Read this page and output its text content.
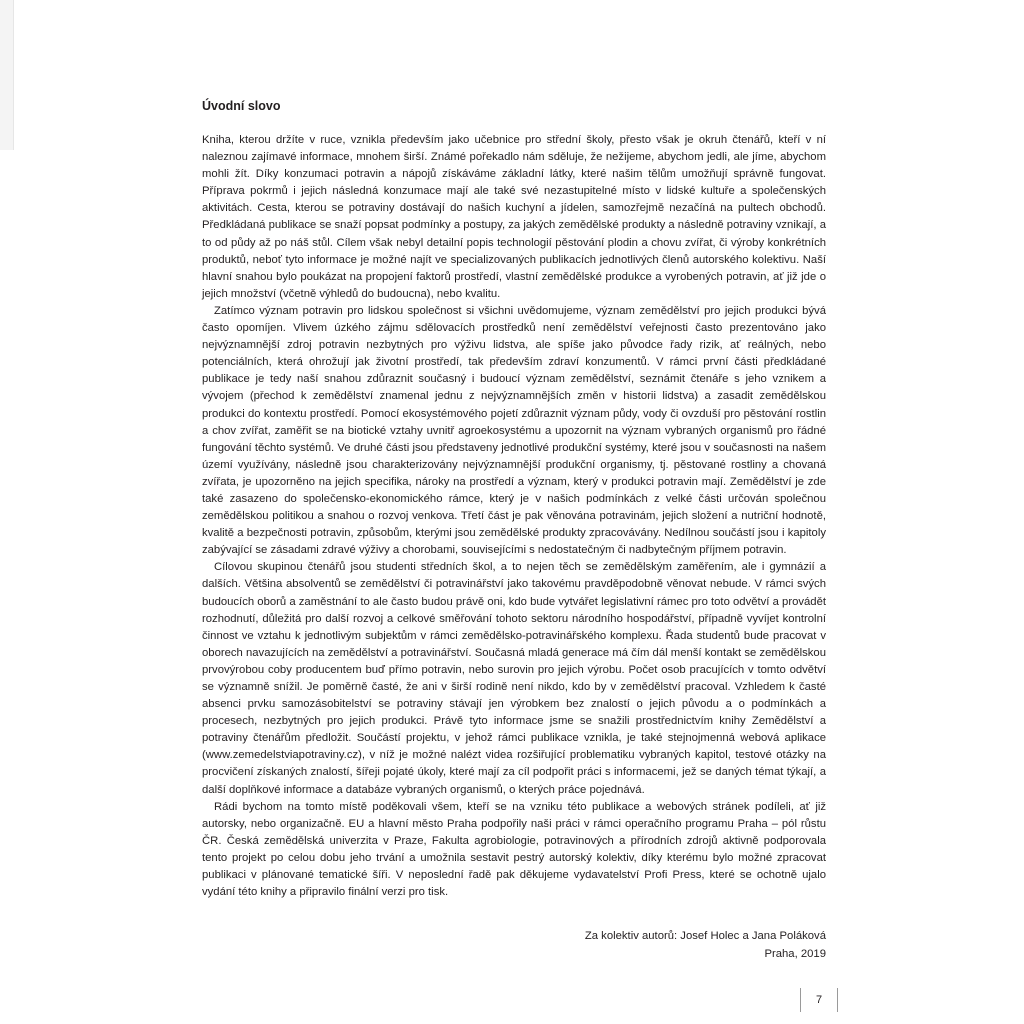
Úvodní slovo

Kniha, kterou držíte v ruce, vznikla především jako učebnice pro střední školy, přesto však je okruh čtenářů, kteří v ní naleznou zajímavé informace, mnohem širší. Známé pořekadlo nám sděluje, že nežijeme, abychom jedli, ale jíme, abychom mohli žít. Díky konzumaci potravin a nápojů získáváme základní látky, které našim tělům umožňují správně fungovat. Příprava pokrmů i jejich následná konzumace mají ale také své nezastupitelné místo v lidské kultuře a společenských aktivitách. Cesta, kterou se potraviny dostávají do našich kuchyní a jídelen, samozřejmě nezačíná na pultech obchodů. Předkládaná publikace se snaží popsat podmínky a postupy, za jakých zemědělské produkty a následně potraviny vznikají, a to od půdy až po náš stůl. Cílem však nebyl detailní popis technologií pěstování plodin a chovu zvířat, či výroby konkrétních produktů, neboť tyto informace je možné najít ve specializovaných publikacích jednotlivých členů autorského kolektivu. Naší hlavní snahou bylo poukázat na propojení faktorů prostředí, vlastní zemědělské produkce a vyrobených potravin, ať již jde o jejich množství (včetně výhledů do budoucna), nebo kvalitu.

Zatímco význam potravin pro lidskou společnost si všichni uvědomujeme, význam zemědělství pro jejich produkci bývá často opomíjen. Vlivem úzkého zájmu sdělovacích prostředků není zemědělství veřejnosti často prezentováno jako nejvýznamnější zdroj potravin nezbytných pro výživu lidstva, ale spíše jako původce řady rizik, ať reálných, nebo potenciálních, která ohrožují jak životní prostředí, tak především zdraví konzumentů. V rámci první části předkládané publikace je tedy naší snahou zdůraznit současný i budoucí význam zemědělství, seznámit čtenáře s jeho vznikem a vývojem (přechod k zemědělství znamenal jednu z nejvýznamnějších změn v historii lidstva) a zasadit zemědělskou produkci do kontextu prostředí. Pomocí ekosystémového pojetí zdůraznit význam půdy, vody či ovzduší pro pěstování rostlin a chov zvířat, zaměřit se na biotické vztahy uvnitř agroekosystému a upozornit na význam vybraných organismů pro řádné fungování těchto systémů. Ve druhé části jsou představeny jednotlivé produkční systémy, které jsou v současnosti na našem území využívány, následně jsou charakterizovány nejvýznamnější produkční organismy, tj. pěstované rostliny a chovaná zvířata, je upozorněno na jejich specifika, nároky na prostředí a význam, který v produkci potravin mají. Zemědělství je zde také zasazeno do společensko-ekonomického rámce, který je v našich podmínkách z velké části určován společnou zemědělskou politikou a snahou o rozvoj venkova. Třetí část je pak věnována potravinám, jejich složení a nutriční hodnotě, kvalitě a bezpečnosti potravin, způsobům, kterými jsou zemědělské produkty zpracovávány. Nedílnou součástí jsou i kapitoly zabývající se zásadami zdravé výživy a chorobami, souvisejícími s nedostatečným či nadbytečným příjmem potravin.

Cílovou skupinou čtenářů jsou studenti středních škol, a to nejen těch se zemědělským zaměřením, ale i gymnázií a dalších. Většina absolventů se zemědělství či potravinářství jako takovému pravděpodobně věnovat nebude. V rámci svých budoucích oborů a zaměstnání to ale často budou právě oni, kdo bude vytvářet legislativní rámec pro toto odvětví a provádět rozhodnutí, důležitá pro další rozvoj a celkové směřování tohoto sektoru národního hospodářství, případně vyvíjet kontrolní činnost ve vztahu k jednotlivým subjektům v rámci zemědělsko-potravinářského komplexu. Řada studentů bude pracovat v oborech navazujících na zemědělství a potravinářství. Současná mladá generace má čím dál menší kontakt se zemědělskou prvovýrobou coby producentem buď přímo potravin, nebo surovin pro jejich výrobu. Počet osob pracujících v tomto odvětví se významně snížil. Je poměrně časté, že ani v širší rodině není nikdo, kdo by v zemědělství pracoval. Vzhledem k časté absenci prvku samozásobitelství se potraviny stávají jen výrobkem bez znalostí o jejich původu a o podmínkách a procesech, nezbytných pro jejich produkci. Právě tyto informace jsme se snažili prostřednictvím knihy Zemědělství a potraviny čtenářům předložit. Součástí projektu, v jehož rámci publikace vznikla, je také stejnojmenná webová aplikace (www.zemedelstviapotraviny.cz), v níž je možné nalézt videa rozšiřující problematiku vybraných kapitol, testové otázky na procvičení získaných znalostí, šířeji pojaté úkoly, které mají za cíl podpořit práci s informacemi, jež se daných témat týkají, a další doplňkové informace a databáze vybraných organismů, o kterých práce pojednává.

Rádi bychom na tomto místě poděkovali všem, kteří se na vzniku této publikace a webových stránek podíleli, ať již autorsky, nebo organizačně. EU a hlavní město Praha podpořily naši práci v rámci operačního programu Praha – pól růstu ČR. Česká zemědělská univerzita v Praze, Fakulta agrobiologie, potravinových a přírodních zdrojů aktivně podporovala tento projekt po celou dobu jeho trvání a umožnila sestavit pestrý autorský kolektiv, díky kterému bylo možné zpracovat publikaci v plánované tematické šíři. V neposlední řadě pak děkujeme vydavatelství Profi Press, které se ochotně ujalo vydání této knihy a připravilo finální verzi pro tisk.

Za kolektiv autorů: Josef Holec a Jana Poláková
Praha, 2019
7
